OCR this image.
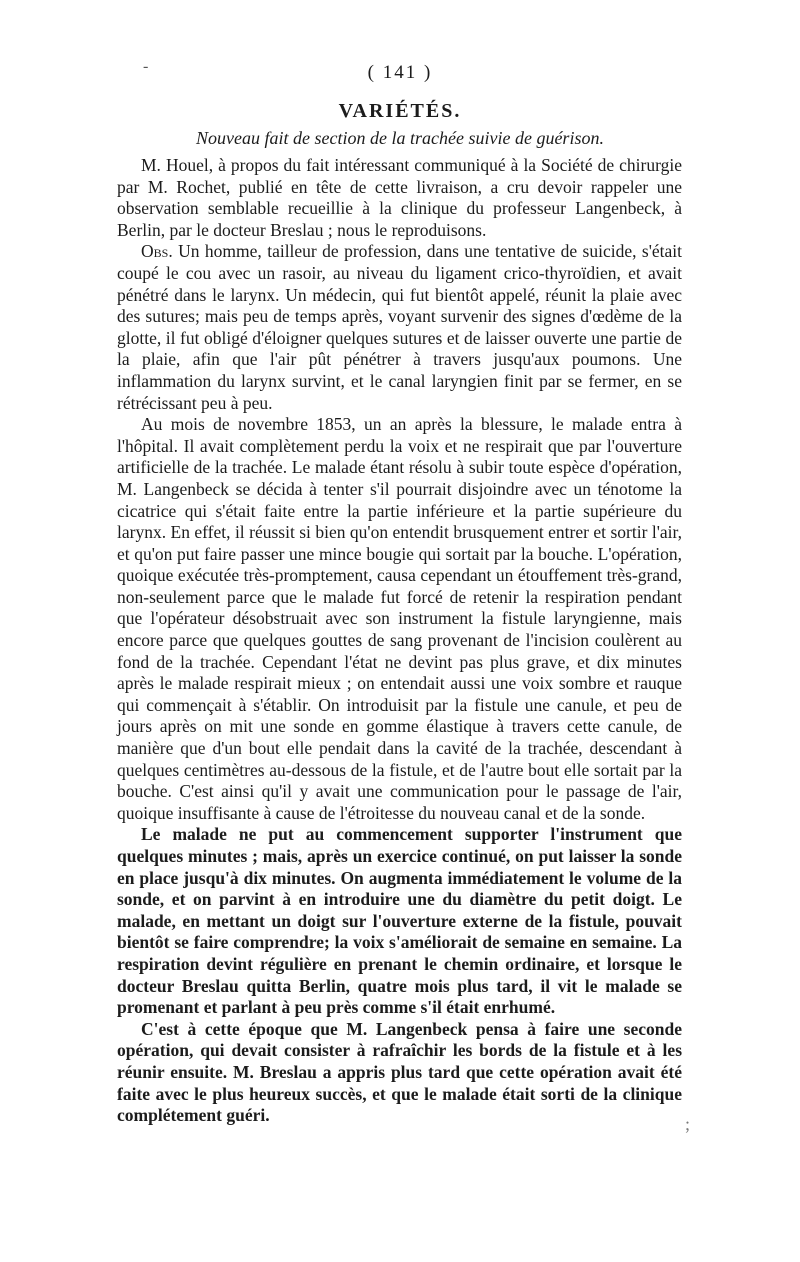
-	( 141 )
VARIÉTÉS.
Nouveau fait de section de la trachée suivie de guérison.

M. Houel, à propos du fait intéressant communiqué à la Société de chirurgie par M. Rochet, publié en tête de cette livraison, a cru devoir rappeler une observation semblable recueillie à la clinique du professeur Langenbeck, à Berlin, par le docteur Breslau ; nous le reproduisons.

Obs. Un homme, tailleur de profession, dans une tentative de suicide, s'était coupé le cou avec un rasoir, au niveau du ligament crico-thyroïdien, et avait pénétré dans le larynx. Un médecin, qui fut bientôt appelé, réunit la plaie avec des sutures; mais peu de temps après, voyant survenir des signes d'œdème de la glotte, il fut obligé d'éloigner quelques sutures et de laisser ouverte une partie de la plaie, afin que l'air pût pénétrer à travers jusqu'aux poumons. Une inflammation du larynx survint, et le canal laryngien finit par se fermer, en se rétrécissant peu à peu.

Au mois de novembre 1853, un an après la blessure, le malade entra à l'hôpital. Il avait complètement perdu la voix et ne respirait que par l'ouverture artificielle de la trachée. Le malade étant résolu à subir toute espèce d'opération, M. Langenbeck se décida à tenter s'il pourrait disjoindre avec un ténotome la cicatrice qui s'était faite entre la partie inférieure et la partie supérieure du larynx. En effet, il réussit si bien qu'on entendit brusquement entrer et sortir l'air, et qu'on put faire passer une mince bougie qui sortait par la bouche. L'opération, quoique exécutée très-promptement, causa cependant un étouffement très-grand, non-seulement parce que le malade fut forcé de retenir la respiration pendant que l'opérateur désobstruait avec son instrument la fistule laryngienne, mais encore parce que quelques gouttes de sang provenant de l'incision coulèrent au fond de la trachée. Cependant l'état ne devint pas plus grave, et dix minutes après le malade respirait mieux ; on entendait aussi une voix sombre et rauque qui commençait à s'établir. On introduisit par la fistule une canule, et peu de jours après on mit une sonde en gomme élastique à travers cette canule, de manière que d'un bout elle pendait dans la cavité de la trachée, descendant à quelques centimètres au-dessous de la fistule, et de l'autre bout elle sortait par la bouche. C'est ainsi qu'il y avait une communication pour le passage de l'air, quoique insuffisante à cause de l'étroitesse du nouveau canal et de la sonde.

Le malade ne put au commencement supporter l'instrument que quelques minutes ; mais, après un exercice continué, on put laisser la sonde en place jusqu'à dix minutes. On augmenta immédiatement le volume de la sonde, et on parvint à en introduire une du diamètre du petit doigt. Le malade, en mettant un doigt sur l'ouverture externe de la fistule, pouvait bientôt se faire comprendre; la voix s'améliorait de semaine en semaine. La respiration devint régulière en prenant le chemin ordinaire, et lorsque le docteur Breslau quitta Berlin, quatre mois plus tard, il vit le malade se promenant et parlant à peu près comme s'il était enrhumé.

C'est à cette époque que M. Langenbeck pensa à faire une seconde opération, qui devait consister à rafraîchir les bords de la fistule et à les réunir ensuite. M. Breslau a appris plus tard que cette opération avait été faite avec le plus heureux succès, et que le malade était sorti de la clinique complétement guéri.	;
